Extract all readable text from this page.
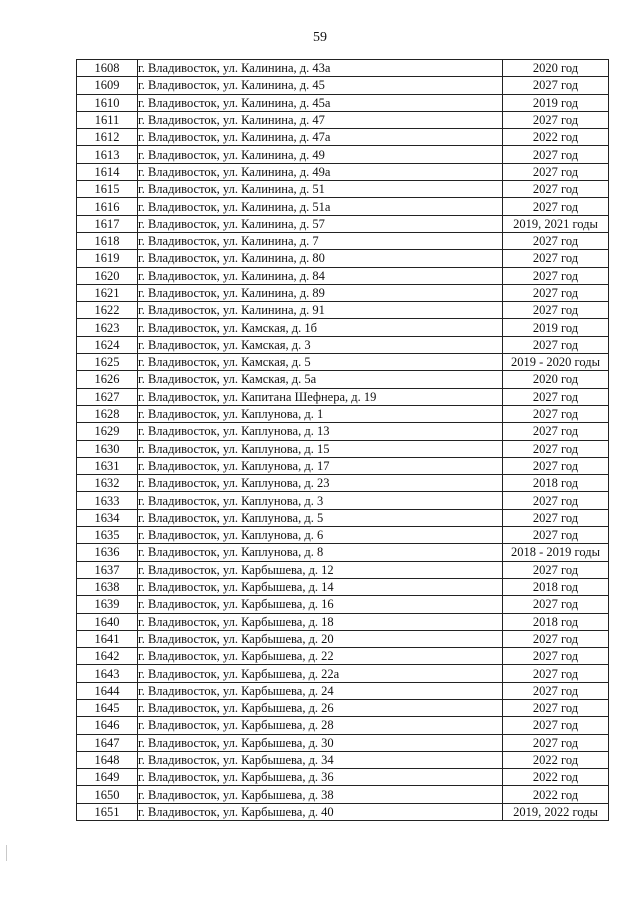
59
1608	г. Владивосток, ул. Калинина, д. 43а	2020 год
1609	г. Владивосток, ул. Калинина, д. 45	2027 год
1610	г. Владивосток, ул. Калинина, д. 45а	2019 год
1611	г. Владивосток, ул. Калинина, д. 47	2027 год
1612	г. Владивосток, ул. Калинина, д. 47а	2022 год
1613	г. Владивосток, ул. Калинина, д. 49	2027 год
1614	г. Владивосток, ул. Калинина, д. 49а	2027 год
1615	г. Владивосток, ул. Калинина, д. 51	2027 год
1616	г. Владивосток, ул. Калинина, д. 51а	2027 год
1617	г. Владивосток, ул. Калинина, д. 57	2019, 2021 годы
1618	г. Владивосток, ул. Калинина, д. 7	2027 год
1619	г. Владивосток, ул. Калинина, д. 80	2027 год
1620	г. Владивосток, ул. Калинина, д. 84	2027 год
1621	г. Владивосток, ул. Калинина, д. 89	2027 год
1622	г. Владивосток, ул. Калинина, д. 91	2027 год
1623	г. Владивосток, ул. Камская, д. 1б	2019 год
1624	г. Владивосток, ул. Камская, д. 3	2027 год
1625	г. Владивосток, ул. Камская, д. 5	2019 - 2020 годы
1626	г. Владивосток, ул. Камская, д. 5а	2020 год
1627	г. Владивосток, ул. Капитана Шефнера, д. 19	2027 год
1628	г. Владивосток, ул. Каплунова, д. 1	2027 год
1629	г. Владивосток, ул. Каплунова, д. 13	2027 год
1630	г. Владивосток, ул. Каплунова, д. 15	2027 год
1631	г. Владивосток, ул. Каплунова, д. 17	2027 год
1632	г. Владивосток, ул. Каплунова, д. 23	2018 год
1633	г. Владивосток, ул. Каплунова, д. 3	2027 год
1634	г. Владивосток, ул. Каплунова, д. 5	2027 год
1635	г. Владивосток, ул. Каплунова, д. 6	2027 год
1636	г. Владивосток, ул. Каплунова, д. 8	2018 - 2019 годы
1637	г. Владивосток, ул. Карбышева, д. 12	2027 год
1638	г. Владивосток, ул. Карбышева, д. 14	2018 год
1639	г. Владивосток, ул. Карбышева, д. 16	2027 год
1640	г. Владивосток, ул. Карбышева, д. 18	2018 год
1641	г. Владивосток, ул. Карбышева, д. 20	2027 год
1642	г. Владивосток, ул. Карбышева, д. 22	2027 год
1643	г. Владивосток, ул. Карбышева, д. 22а	2027 год
1644	г. Владивосток, ул. Карбышева, д. 24	2027 год
1645	г. Владивосток, ул. Карбышева, д. 26	2027 год
1646	г. Владивосток, ул. Карбышева, д. 28	2027 год
1647	г. Владивосток, ул. Карбышева, д. 30	2027 год
1648	г. Владивосток, ул. Карбышева, д. 34	2022 год
1649	г. Владивосток, ул. Карбышева, д. 36	2022 год
1650	г. Владивосток, ул. Карбышева, д. 38	2022 год
1651	г. Владивосток, ул. Карбышева, д. 40	2019, 2022 годы
